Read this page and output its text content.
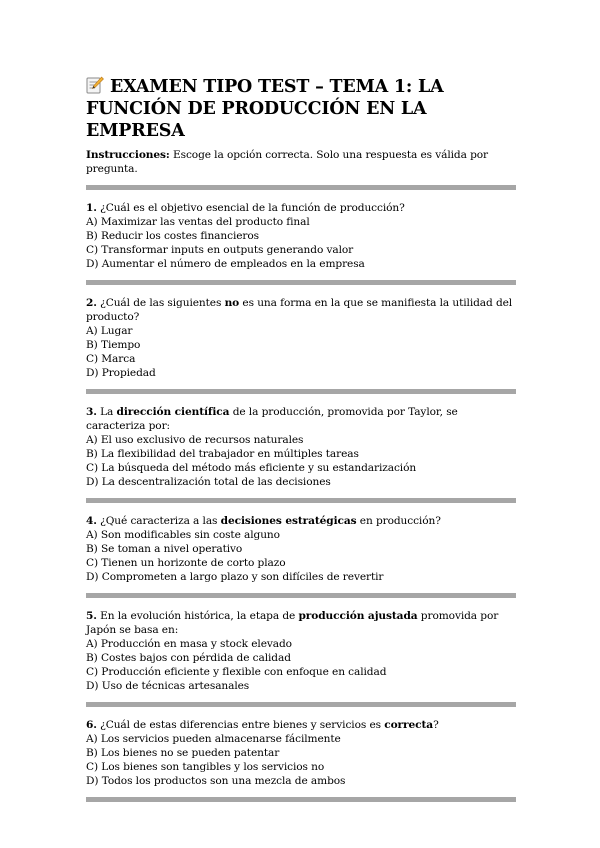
EXAMEN TIPO TEST – TEMA 1: LA FUNCIÓN DE PRODUCCIÓN EN LA EMPRESA
Instrucciones: Escoge la opción correcta. Solo una respuesta es válida por pregunta.
1. ¿Cuál es el objetivo esencial de la función de producción?
A) Maximizar las ventas del producto final
B) Reducir los costes financieros
C) Transformar inputs en outputs generando valor
D) Aumentar el número de empleados en la empresa
2. ¿Cuál de las siguientes no es una forma en la que se manifiesta la utilidad del producto?
A) Lugar
B) Tiempo
C) Marca
D) Propiedad
3. La dirección científica de la producción, promovida por Taylor, se caracteriza por:
A) El uso exclusivo de recursos naturales
B) La flexibilidad del trabajador en múltiples tareas
C) La búsqueda del método más eficiente y su estandarización
D) La descentralización total de las decisiones
4. ¿Qué caracteriza a las decisiones estratégicas en producción?
A) Son modificables sin coste alguno
B) Se toman a nivel operativo
C) Tienen un horizonte de corto plazo
D) Comprometen a largo plazo y son difíciles de revertir
5. En la evolución histórica, la etapa de producción ajustada promovida por Japón se basa en:
A) Producción en masa y stock elevado
B) Costes bajos con pérdida de calidad
C) Producción eficiente y flexible con enfoque en calidad
D) Uso de técnicas artesanales
6. ¿Cuál de estas diferencias entre bienes y servicios es correcta?
A) Los servicios pueden almacenarse fácilmente
B) Los bienes no se pueden patentar
C) Los bienes son tangibles y los servicios no
D) Todos los productos son una mezcla de ambos
